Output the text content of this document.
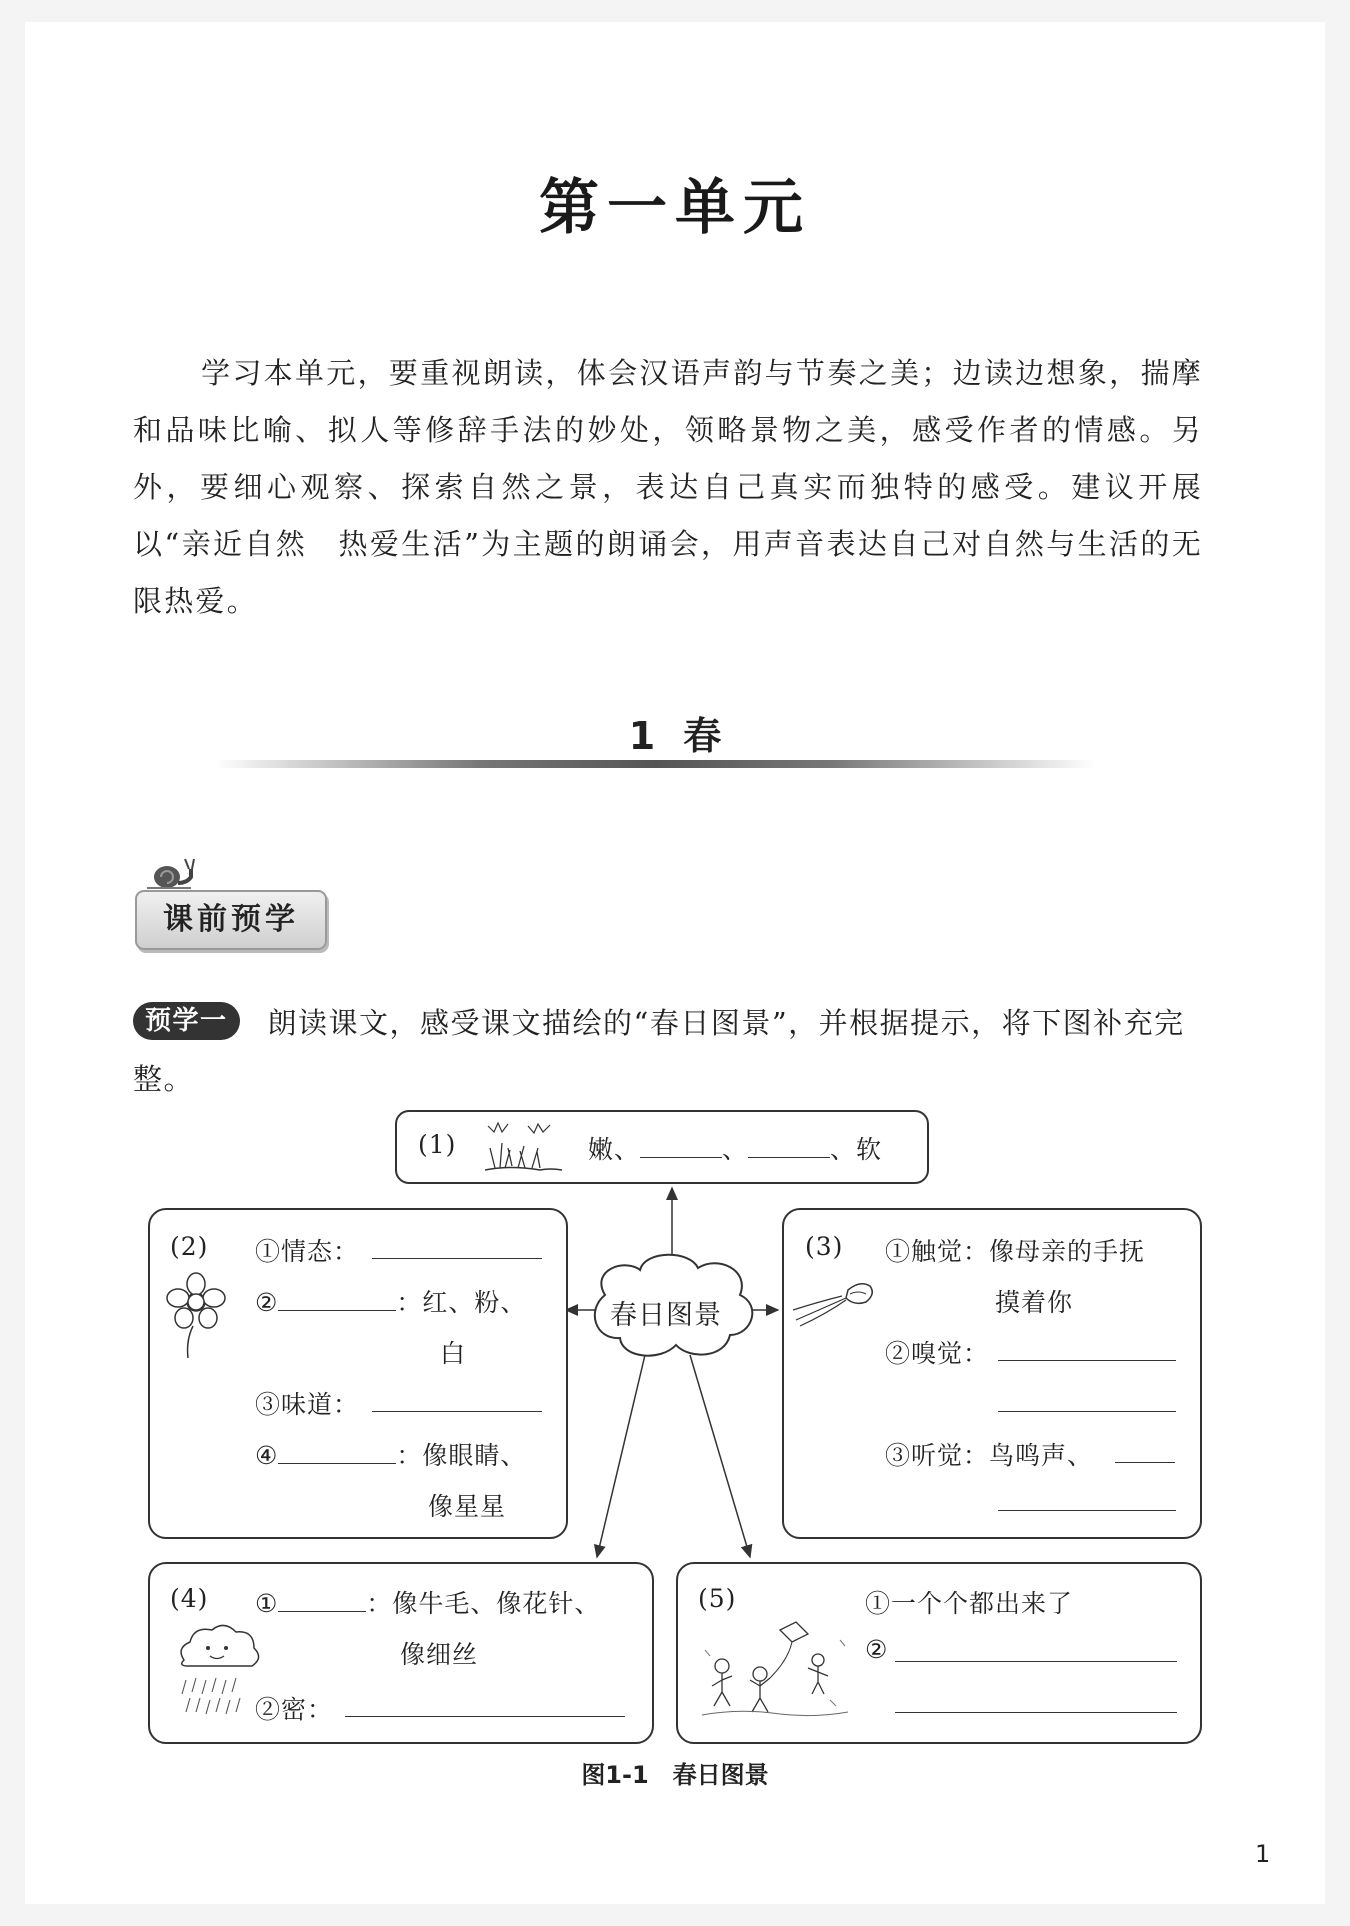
第一单元
学习本单元，要重视朗读，体会汉语声韵与节奏之美；边读边想象，揣摩和品味比喻、拟人等修辞手法的妙处，领略景物之美，感受作者的情感。另外，要细心观察、探索自然之景，表达自己真实而独特的感受。建议开展以“亲近自然　热爱生活”为主题的朗诵会，用声音表达自己对自然与生活的无限热爱。
1 春
课前预学
预学一 朗读课文，感受课文描绘的“春日图景”，并根据提示，将下图补充完整。
春日图景
(1)	嫩、	、	、软
(2) ①情态：
②	：红、粉、
白
③味道：
④	：像眼睛、
像星星
(3) ①触觉：像母亲的手抚
摸着你
②嗅觉：
③听觉：鸟鸣声、
(4) ①	：像牛毛、像花针、
像细丝
②密：
(5)	①一个个都出来了
②
图1-1 春日图景
1
